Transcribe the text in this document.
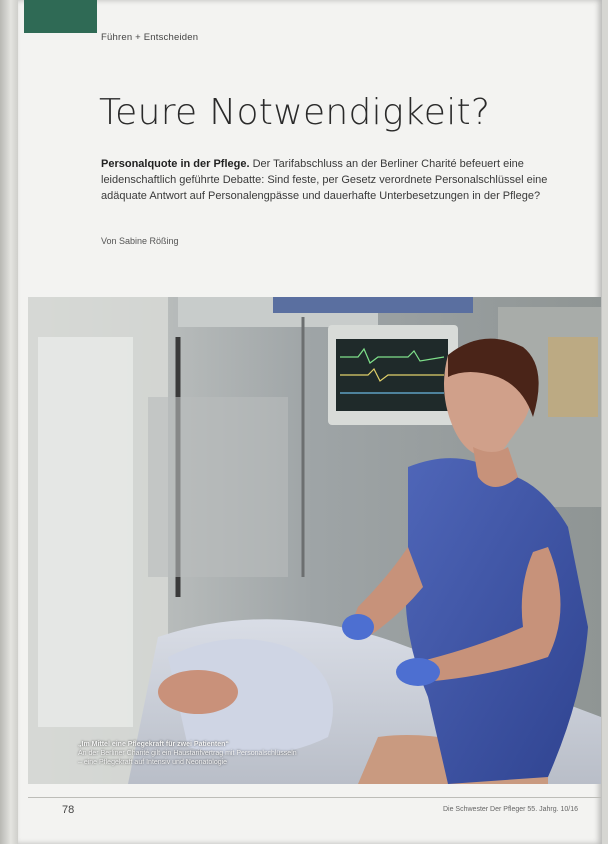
Führen + Entscheiden
Teure Notwendigkeit?
Personalquote in der Pflege. Der Tarifabschluss an der Berliner Charité befeuert eine leidenschaftlich geführte Debatte: Sind feste, per Gesetz verordnete Personalschlüssel eine adäquate Antwort auf Personalengpässe und dauerhafte Unterbesetzungen in der Pflege?
Von Sabine Rößing
„Im Mittel eine Pflegekraft für zwei Patienten“
An der Berliner Charité gilt ein Haustarifvertrag mit Personalschlüsseln – eine Pflegekraft auf Intensiv und Neonatologie
78	Die Schwester Der Pfleger 55. Jahrg. 10/16
